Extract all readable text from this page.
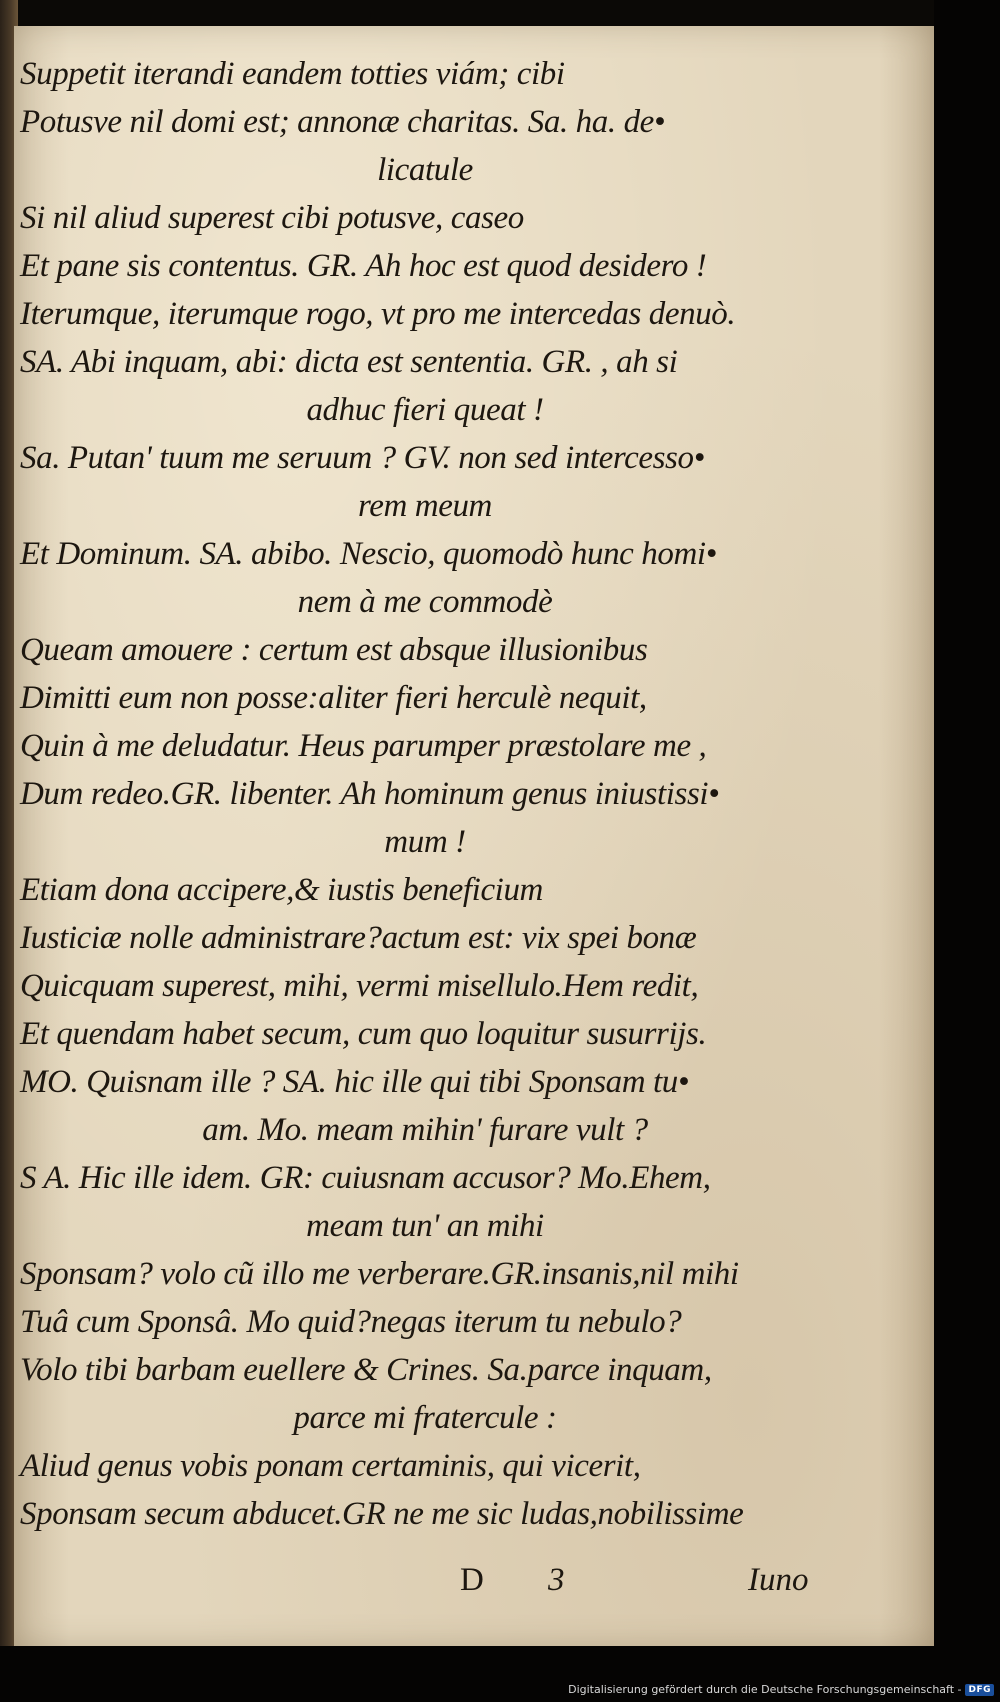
Suppetit iterandi eandem totties viám; cibi
Potusve nil domi est; annonæ charitas. Sa. ha. de•
licatule
Si nil aliud superest cibi potusve, caseo
Et pane sis contentus. GR. Ah hoc est quod desidero !
Iterumque, iterumque rogo, vt pro me intercedas denuò.
SA. Abi inquam, abi: dicta est sententia. GR. , ah si
adhuc fieri queat !
Sa. Putan' tuum me seruum ? GV. non sed intercesso•
rem meum
Et Dominum. SA. abibo. Nescio, quomodò hunc homi•
nem à me commodè
Queam amouere : certum est absque illusionibus
Dimitti eum non posse:aliter fieri herculè nequit,
Quin à me deludatur. Heus parumper præstolare me ,
Dum redeo.GR. libenter. Ah hominum genus iniustissi•
mum !
Etiam dona accipere,& iustis beneficium
Iusticiæ nolle administrare?actum est: vix spei bonæ
Quicquam superest, mihi, vermi misellulo.Hem redit,
Et quendam habet secum, cum quo loquitur susurrijs.
MO. Quisnam ille ? SA. hic ille qui tibi Sponsam tu•
am. Mo. meam mihin' furare vult ?
S A. Hic ille idem. GR: cuiusnam accusor? Mo.Ehem,
meam tun' an mihi
Sponsam? volo cũ illo me verberare.GR.insanis,nil mihi
Tuâ cum Sponsâ. Mo quid?negas iterum tu nebulo?
Volo tibi barbam euellere & Crines. Sa.parce inquam,
parce mi fratercule :
Aliud genus vobis ponam certaminis, qui vicerit,
Sponsam secum abducet.GR ne me sic ludas,nobilissime
D 3	Iuno
Digitalisierung gefördert durch die Deutsche Forschungsgemeinschaft - DFG
